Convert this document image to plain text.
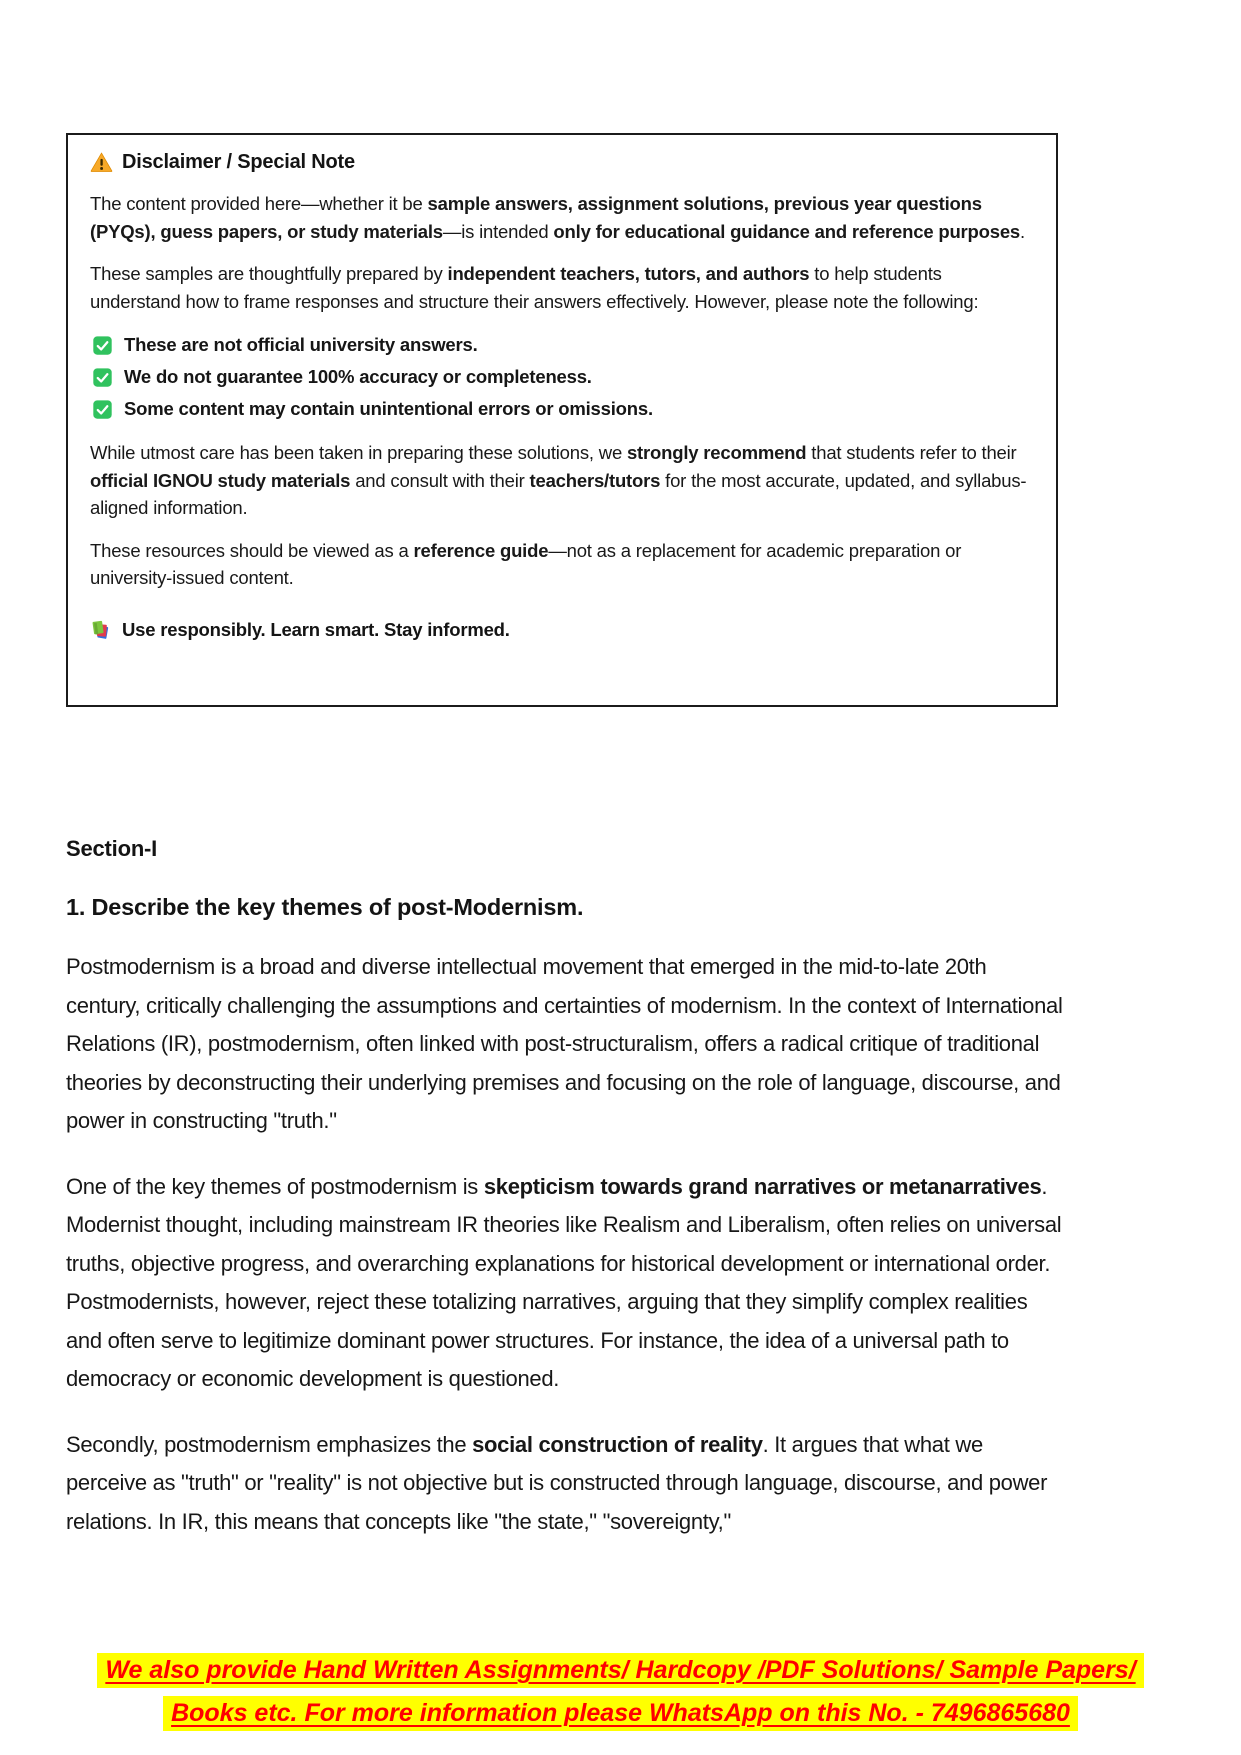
Disclaimer / Special Note

The content provided here—whether it be sample answers, assignment solutions, previous year questions (PYQs), guess papers, or study materials—is intended only for educational guidance and reference purposes.

These samples are thoughtfully prepared by independent teachers, tutors, and authors to help students understand how to frame responses and structure their answers effectively. However, please note the following:

These are not official university answers.
We do not guarantee 100% accuracy or completeness.
Some content may contain unintentional errors or omissions.

While utmost care has been taken in preparing these solutions, we strongly recommend that students refer to their official IGNOU study materials and consult with their teachers/tutors for the most accurate, updated, and syllabus-aligned information.

These resources should be viewed as a reference guide—not as a replacement for academic preparation or university-issued content.

Use responsibly. Learn smart. Stay informed.
Section-I
1. Describe the key themes of post-Modernism.

Postmodernism is a broad and diverse intellectual movement that emerged in the mid-to-late 20th century, critically challenging the assumptions and certainties of modernism. In the context of International Relations (IR), postmodernism, often linked with post-structuralism, offers a radical critique of traditional theories by deconstructing their underlying premises and focusing on the role of language, discourse, and power in constructing "truth."

One of the key themes of postmodernism is skepticism towards grand narratives or metanarratives. Modernist thought, including mainstream IR theories like Realism and Liberalism, often relies on universal truths, objective progress, and overarching explanations for historical development or international order. Postmodernists, however, reject these totalizing narratives, arguing that they simplify complex realities and often serve to legitimize dominant power structures. For instance, the idea of a universal path to democracy or economic development is questioned.

Secondly, postmodernism emphasizes the social construction of reality. It argues that what we perceive as "truth" or "reality" is not objective but is constructed through language, discourse, and power relations. In IR, this means that concepts like "the state," "sovereignty,"

We also provide Hand Written Assignments/ Hardcopy /PDF Solutions/ Sample Papers/
Books etc. For more information please WhatsApp on this No. - 7496865680
